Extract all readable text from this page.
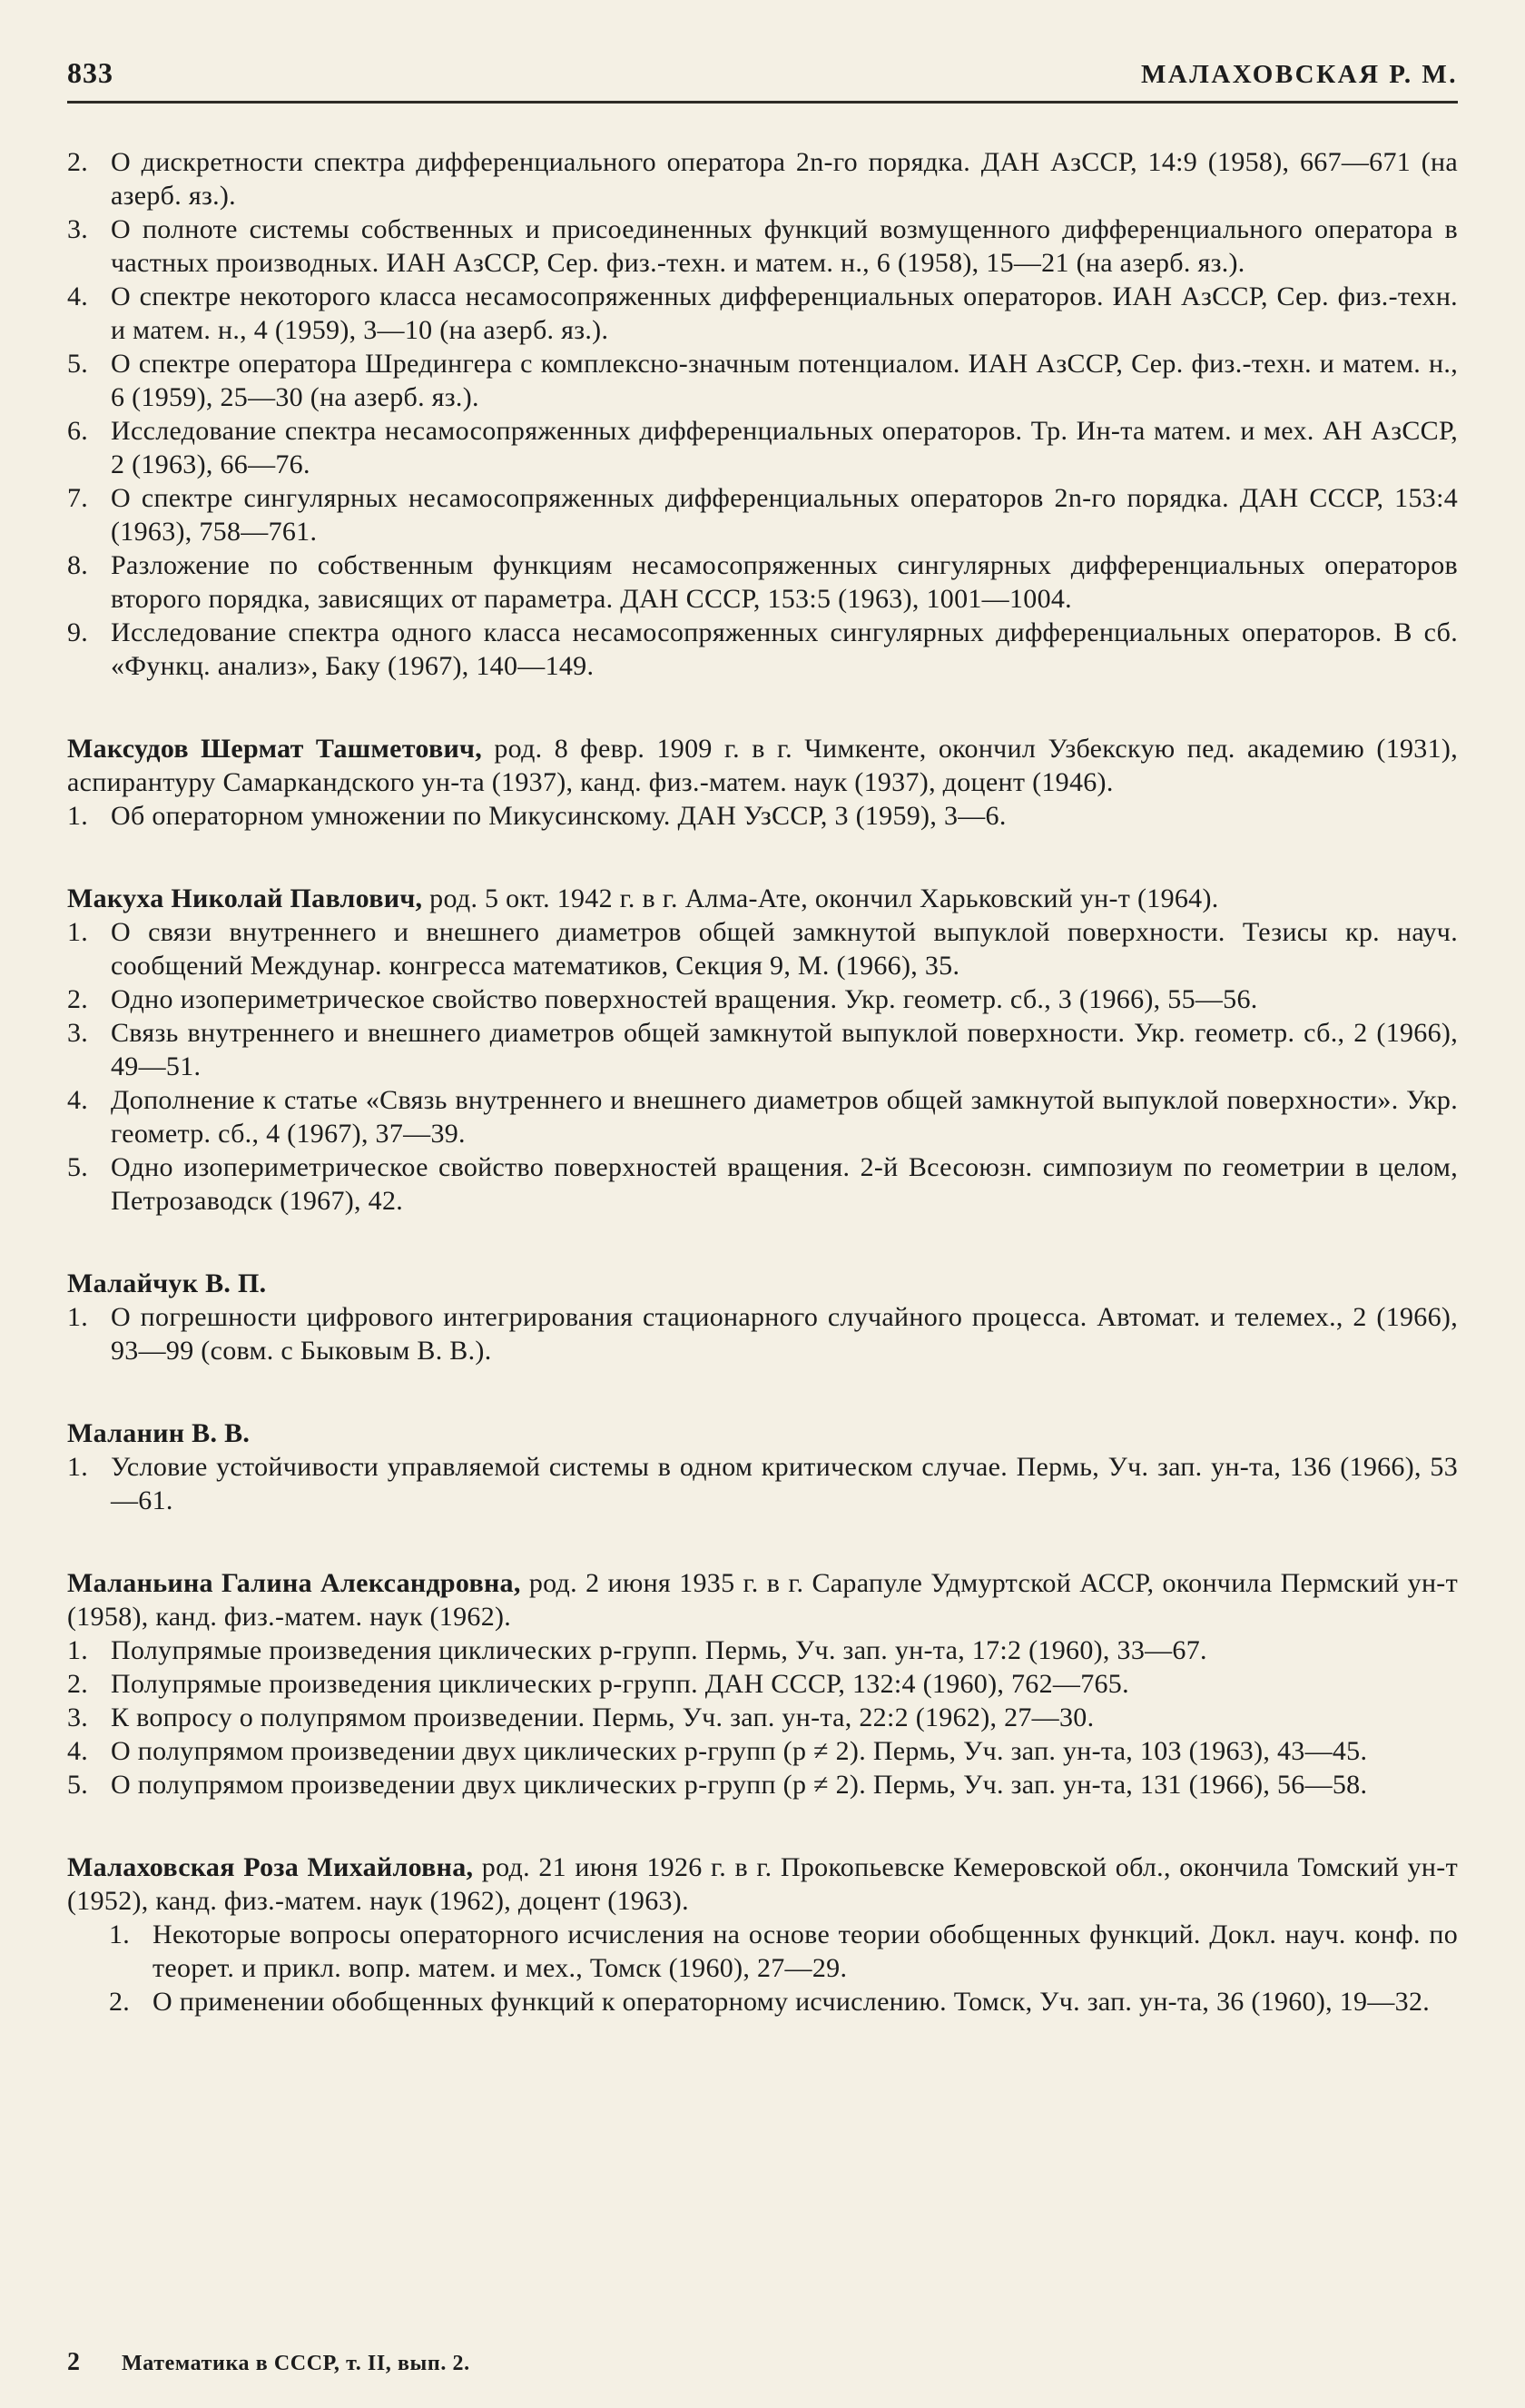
833	МАЛАХОВСКАЯ Р. М.

2. О дискретности спектра дифференциального оператора 2n-го порядка. ДАН АзССР, 14:9 (1958), 667—671 (на азерб. яз.).

3. О полноте системы собственных и присоединенных функций возмущенного дифференциального оператора в частных производных. ИАН АзССР, Сер. физ.-техн. и матем. н., 6 (1958), 15—21 (на азерб. яз.).

4. О спектре некоторого класса несамосопряженных дифференциальных операторов. ИАН АзССР, Сер. физ.-техн. и матем. н., 4 (1959), 3—10 (на азерб. яз.).

5. О спектре оператора Шредингера с комплексно-значным потенциалом. ИАН АзССР, Сер. физ.-техн. и матем. н., 6 (1959), 25—30 (на азерб. яз.).

6. Исследование спектра несамосопряженных дифференциальных операторов. Тр. Ин-та матем. и мех. АН АзССР, 2 (1963), 66—76.

7. О спектре сингулярных несамосопряженных дифференциальных операторов 2n-го порядка. ДАН СССР, 153:4 (1963), 758—761.

8. Разложение по собственным функциям несамосопряженных сингулярных дифференциальных операторов второго порядка, зависящих от параметра. ДАН СССР, 153:5 (1963), 1001—1004.

9. Исследование спектра одного класса несамосопряженных сингулярных дифференциальных операторов. В сб. «Функц. анализ», Баку (1967), 140—149.

Максудов Шермат Ташметович, род. 8 февр. 1909 г. в г. Чимкенте, окончил Узбекскую пед. академию (1931), аспирантуру Самаркандского ун-та (1937), канд. физ.-матем. наук (1937), доцент (1946).

1. Об операторном умножении по Микусинскому. ДАН УзССР, 3 (1959), 3—6.

Макуха Николай Павлович, род. 5 окт. 1942 г. в г. Алма-Ате, окончил Харьковский ун-т (1964).

1. О связи внутреннего и внешнего диаметров общей замкнутой выпуклой поверхности. Тезисы кр. науч. сообщений Междунар. конгресса математиков, Секция 9, М. (1966), 35.

2. Одно изопериметрическое свойство поверхностей вращения. Укр. геометр. сб., 3 (1966), 55—56.

3. Связь внутреннего и внешнего диаметров общей замкнутой выпуклой поверхности. Укр. геометр. сб., 2 (1966), 49—51.

4. Дополнение к статье «Связь внутреннего и внешнего диаметров общей замкнутой выпуклой поверхности». Укр. геометр. сб., 4 (1967), 37—39.

5. Одно изопериметрическое свойство поверхностей вращения. 2-й Всесоюзн. симпозиум по геометрии в целом, Петрозаводск (1967), 42.

Малайчук В. П.

1. О погрешности цифрового интегрирования стационарного случайного процесса. Автомат. и телемех., 2 (1966), 93—99 (совм. с Быковым В. В.).

Маланин В. В.

1. Условие устойчивости управляемой системы в одном критическом случае. Пермь, Уч. зап. ун-та, 136 (1966), 53—61.

Маланьина Галина Александровна, род. 2 июня 1935 г. в г. Сарапуле Удмуртской АССР, окончила Пермский ун-т (1958), канд. физ.-матем. наук (1962).

1. Полупрямые произведения циклических p-групп. Пермь, Уч. зап. ун-та, 17:2 (1960), 33—67.

2. Полупрямые произведения циклических p-групп. ДАН СССР, 132:4 (1960), 762—765.

3. К вопросу о полупрямом произведении. Пермь, Уч. зап. ун-та, 22:2 (1962), 27—30.

4. О полупрямом произведении двух циклических p-групп (p ≠ 2). Пермь, Уч. зап. ун-та, 103 (1963), 43—45.

5. О полупрямом произведении двух циклических p-групп (p ≠ 2). Пермь, Уч. зап. ун-та, 131 (1966), 56—58.

Малаховская Роза Михайловна, род. 21 июня 1926 г. в г. Прокопьевске Кемеровской обл., окончила Томский ун-т (1952), канд. физ.-матем. наук (1962), доцент (1963).

1. Некоторые вопросы операторного исчисления на основе теории обобщенных функций. Докл. науч. конф. по теорет. и прикл. вопр. матем. и мех., Томск (1960), 27—29.

2. О применении обобщенных функций к операторному исчислению. Томск, Уч. зап. ун-та, 36 (1960), 19—32.

2 Математика в СССР, т. II, вып. 2.
